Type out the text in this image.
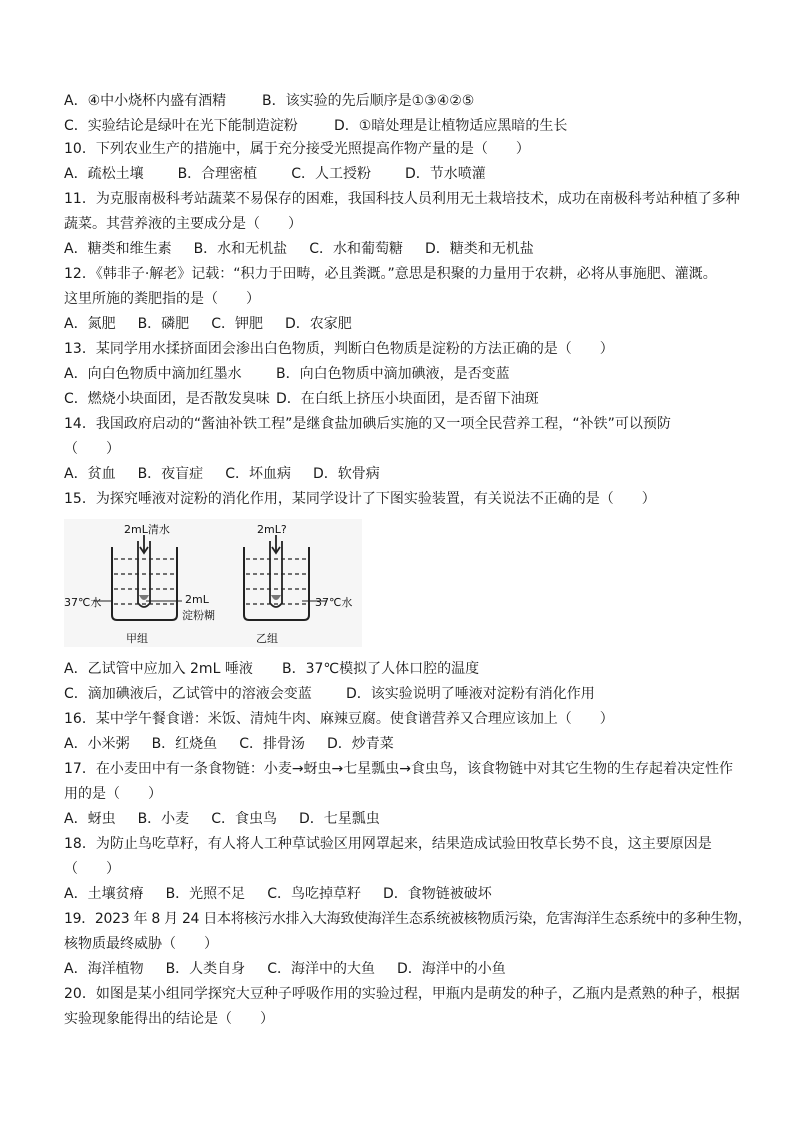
A．④中小烧杯内盛有酒精	B．该实验的先后顺序是①③④②⑤
C．实验结论是绿叶在光下能制造淀粉	D．①暗处理是让植物适应黑暗的生长
10．下列农业生产的措施中，属于充分接受光照提高作物产量的是（　　）
A．疏松土壤 B．合理密植 C．人工授粉 D．节水喷灌
11．为克服南极科考站蔬菜不易保存的困难，我国科技人员利用无土栽培技术，成功在南极科考站种植了多种
蔬菜。其营养液的主要成分是（　　）
A．糖类和维生素 B．水和无机盐 C．水和葡萄糖 D．糖类和无机盐
12．《韩非子·解老》记载：“积力于田畴，必且粪溉。”意思是积聚的力量用于农耕，必将从事施肥、灌溉。
这里所施的粪肥指的是（　　）
A．氮肥 B．磷肥 C．钾肥 D．农家肥
13．某同学用水揉挤面团会渗出白色物质，判断白色物质是淀粉的方法正确的是（　　）
A．向白色物质中滴加红墨水	B．向白色物质中滴加碘液，是否变蓝
C．燃烧小块面团，是否散发臭味 D．在白纸上挤压小块面团，是否留下油斑
14．我国政府启动的“酱油补铁工程”是继食盐加碘后实施的又一项全民营养工程，“补铁”可以预防
（　　）
A．贫血 B．夜盲症 C．坏血病 D．软骨病
15．为探究唾液对淀粉的消化作用，某同学设计了下图实验装置，有关说法不正确的是（　　）
2mL清水	2mL?
2mL
淀粉糊
37℃水	37℃水
甲组	乙组
A．乙试管中应加入 2mL 唾液	B．37℃模拟了人体口腔的温度
C．滴加碘液后，乙试管中的溶液会变蓝	D．该实验说明了唾液对淀粉有消化作用
16．某中学午餐食谱：米饭、清炖牛肉、麻辣豆腐。使食谱营养又合理应该加上（　　）
A．小米粥 B．红烧鱼 C．排骨汤 D．炒青菜
17．在小麦田中有一条食物链：小麦→蚜虫→七星瓢虫→食虫鸟，该食物链中对其它生物的生存起着决定性作
用的是（　　）
A．蚜虫 B．小麦 C．食虫鸟 D．七星瓢虫
18．为防止鸟吃草籽，有人将人工种草试验区用网罩起来，结果造成试验田牧草长势不良，这主要原因是
（　　）
A．土壤贫瘠 B．光照不足 C．鸟吃掉草籽 D．食物链被破坏
19．2023 年 8 月 24 日本将核污水排入大海致使海洋生态系统被核物质污染，危害海洋生态系统中的多种生物，
核物质最终威胁（　　）
A．海洋植物 B．人类自身 C．海洋中的大鱼 D．海洋中的小鱼
20．如图是某小组同学探究大豆种子呼吸作用的实验过程，甲瓶内是萌发的种子，乙瓶内是煮熟的种子，根据
实验现象能得出的结论是（　　）
